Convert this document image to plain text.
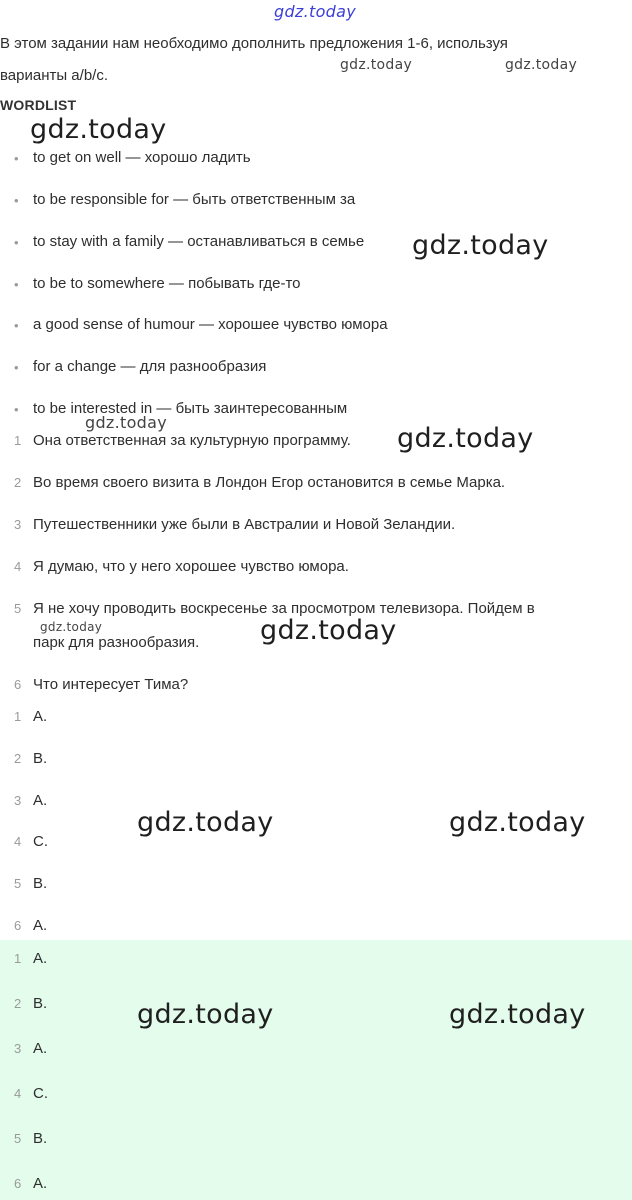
В этом задании нам необходимо дополнить предложения 1-6, используя
варианты a/b/c.
WORDLIST
• to get on well — хорошо ладить
• to be responsible for — быть ответственным за
• to stay with a family — останавливаться в семье
• to be to somewhere — побывать где-то
• a good sense of humour — хорошее чувство юмора
• for a change — для разнообразия
• to be interested in — быть заинтересованным
1 Она ответственная за культурную программу.
2 Во время своего визита в Лондон Егор остановится в семье Марка.
3 Путешественники уже были в Австралии и Новой Зеландии.
4 Я думаю, что у него хорошее чувство юмора.
5 Я не хочу проводить воскресенье за просмотром телевизора. Пойдем в
парк для разнообразия.
6 Что интересует Тима?
1 A.
2 B.
3 A.
4 C.
5 B.
6 A.
1 A.
2 B.
3 A.
4 C.
5 B.
6 A.
gdz.today
gdz.today	gdz.today
gdz.today
gdz.today
gdz.today
gdz.today
gdz.today	gdz.today
gdz.today	gdz.today
gdz.today	gdz.today
